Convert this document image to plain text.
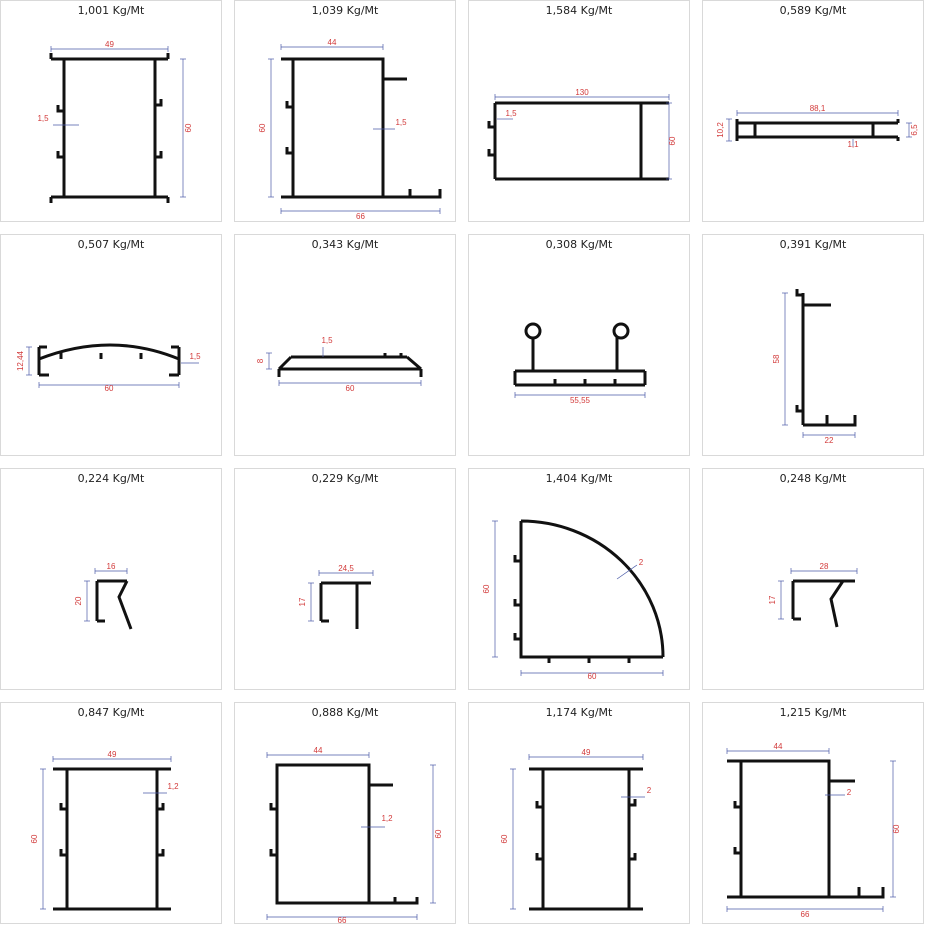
1,001 Kg/Mt
49
60
1,5
1,039 Kg/Mt
44
60
66
1,5
1,584 Kg/Mt
130
60
1,5
0,589 Kg/Mt
88,1
10,2	6,5
1,1
0,507 Kg/Mt
60
12,44	1,5
0,343 Kg/Mt
60
8
1,5
0,308 Kg/Mt
55,55
0,391 Kg/Mt
58
22
0,224 Kg/Mt
16
20
0,229 Kg/Mt
24,5
17
1,404 Kg/Mt
60
60
2
0,248 Kg/Mt
28
17
0,847 Kg/Mt
49
60
1,2
0,888 Kg/Mt
44
60
66
1,2
1,174 Kg/Mt
49
60
2
1,215 Kg/Mt
44
60
66
2
